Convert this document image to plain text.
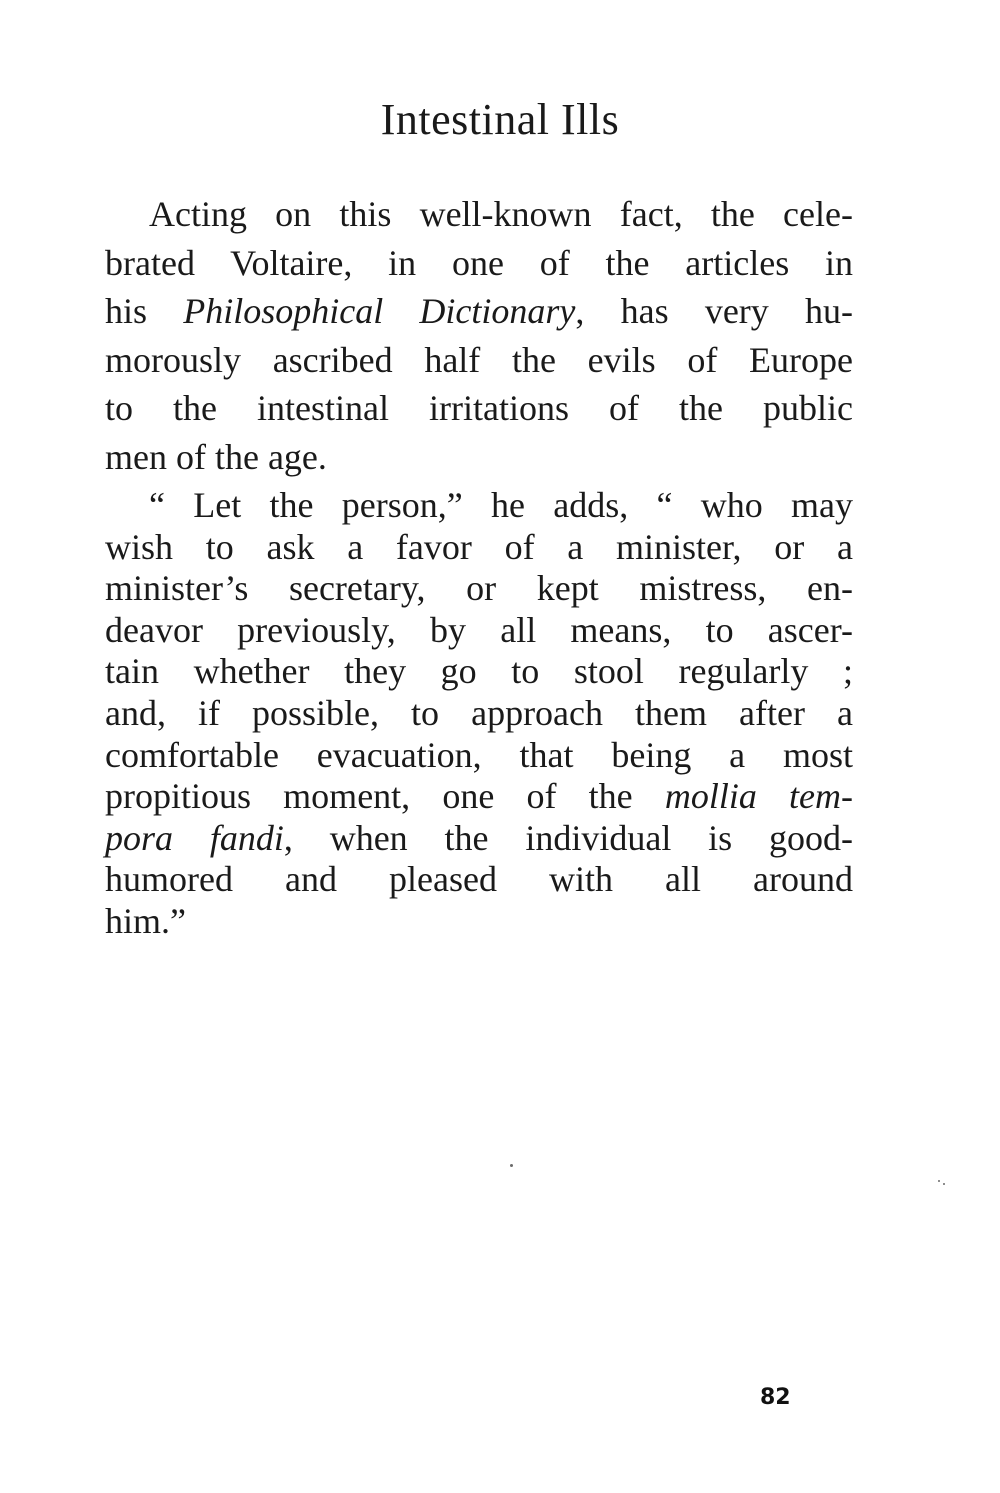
Intestinal Ills
Acting on this well-known fact, the cele-
brated Voltaire, in one of the articles in
his Philosophical Dictionary, has very hu-
morously ascribed half the evils of Europe
to the intestinal irritations of the public
men of the age.
“ Let the person,” he adds, “ who may
wish to ask a favor of a minister, or a
minister’s secretary, or kept mistress, en-
deavor previously, by all means, to ascer-
tain whether they go to stool regularly ;
and, if possible, to approach them after a
comfortable evacuation, that being a most
propitious moment, one of the mollia tem-
pora fandi, when the individual is good-
humored and pleased with all around
him.”
82
